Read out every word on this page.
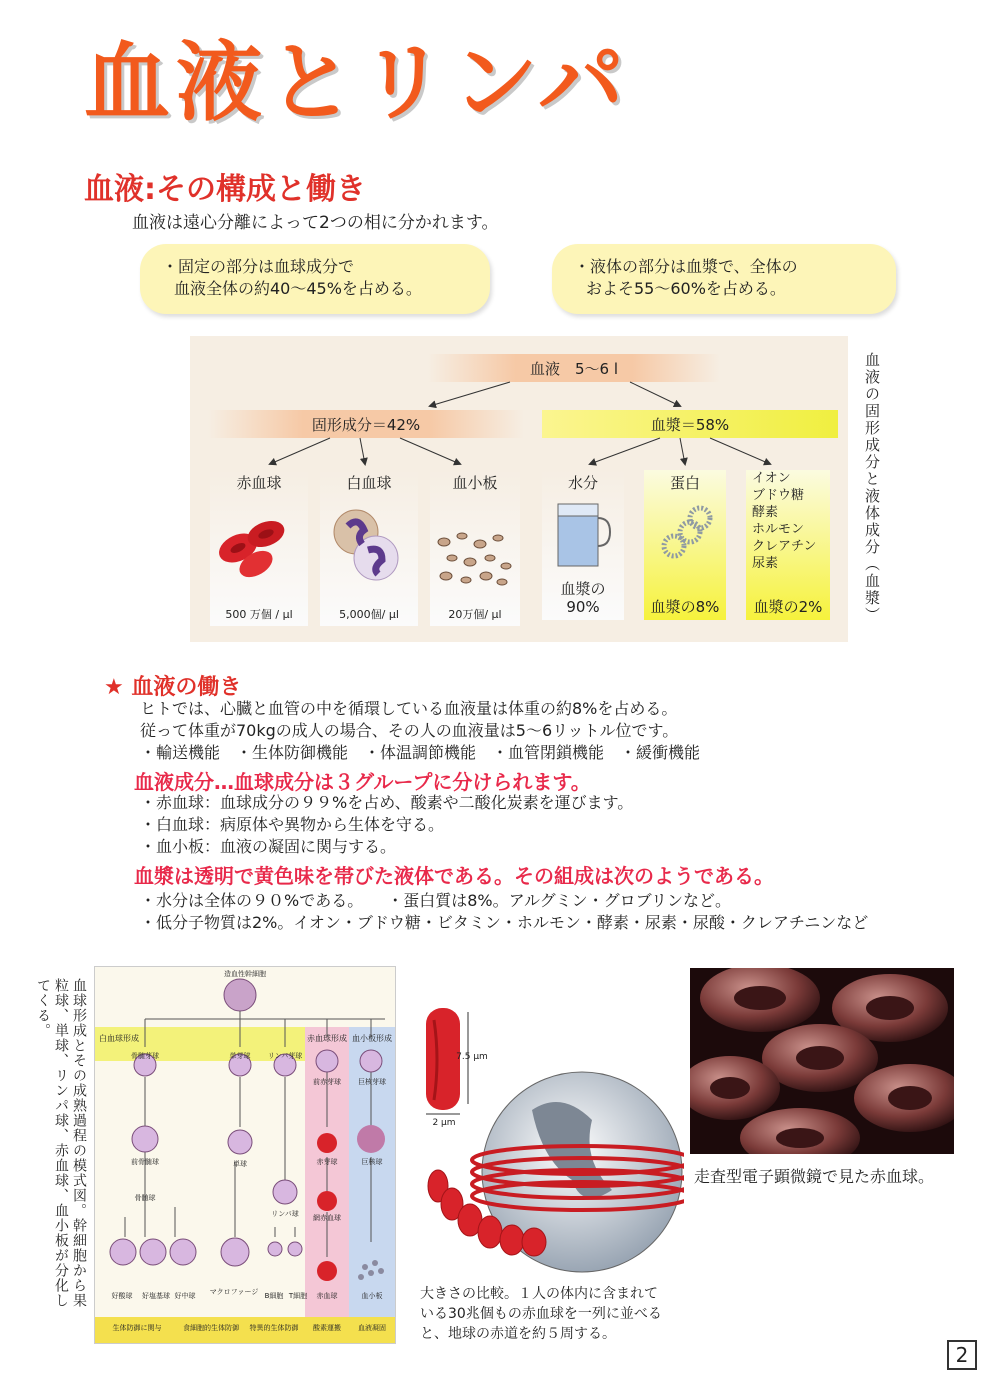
血液とリンパ
血液:その構成と働き
血液は遠心分離によって2つの相に分かれます。
・固定の部分は血球成分で
血液全体の約40〜45%を占める。
・液体の部分は血漿で、全体の
およそ55〜60%を占める。
血液　5〜6 l
固形成分＝42%	血漿＝58%
赤血球
500 万個 / μl
白血球
5,000個/ μl
血小板
20万個/ μl
水分
血漿の90%
蛋白
血漿の8%
イオン
ブドウ糖
酵素
ホルモン
クレアチン
尿素
血漿の2%	血液の固形成分と液体成分（血漿）
★ 血液の働き
ヒトでは、心臓と血管の中を循環している血液量は体重の約8%を占める。
従って体重が70kgの成人の場合、その人の血液量は5〜6リットル位です。
・輸送機能　・生体防御機能　・体温調節機能　・血管閉鎖機能　・緩衝機能
血液成分…血球成分は３グループに分けられます。
・赤血球：血球成分の９９%を占め、酸素や二酸化炭素を運びます。
・白血球：病原体や異物から生体を守る。
・血小板：血液の凝固に関与する。
血漿は透明で黄色味を帯びた液体である。その組成は次のようである。
・水分は全体の９０%である。　　・蛋白質は8%。アルグミン・グロブリンなど。
・低分子物質は2%。イオン・ブドウ糖・ビタミン・ホルモン・酵素・尿素・尿酸・クレアチニンなど
血球形成とその成熟過程の模式図。幹細胞から果粒球、単球、リンパ球、赤血球、血小板が分化してくる。
造血性幹細胞
白血球形成	赤血球形成 血小板形成
骨髄芽球	単芽球	リンパ芽球
前赤芽球	巨核芽球
前骨髄球	単球	赤芽球	巨核球
骨髄球
リンパ球	網赤血球
好酸球	好塩基球 好中球	マクロファージ B細胞 T細胞	赤血球	血小板
生体防御に関与	食細胞的生体防御	特異的生体防御	酸素運搬	血液凝固
7.5 μm
2 μm
大きさの比較。１人の体内に含まれて
いる30兆個もの赤血球を一列に並べる
と、地球の赤道を約５周する。
走査型電子顕微鏡で見た赤血球。
2
